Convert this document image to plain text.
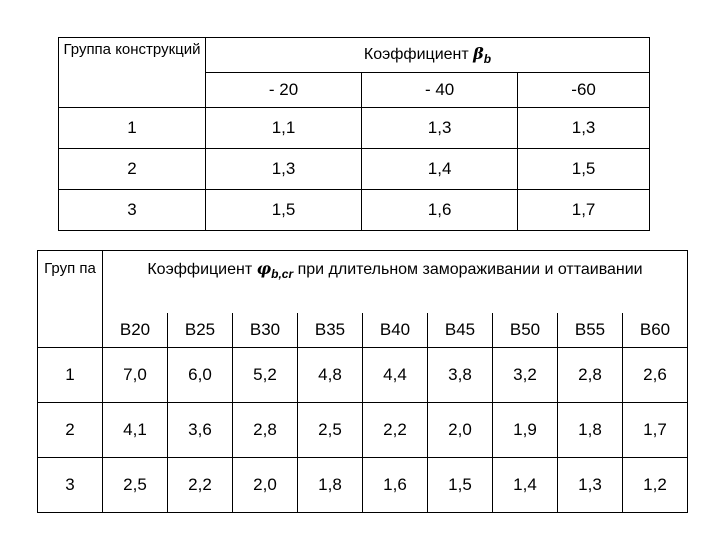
Группа конструкций	Коэффициент $\beta_b$
	- 20	- 40	-60
1	1,1	1,3	1,3
2	1,3	1,4	1,5
3	1,5	1,6	1,7
Груп па	Коэффициент $\varphi_{b,cr}$ при длительном замораживании и оттаивании								
	B20	B25	B30	B35	B40	B45	B50	B55	B60
1	7,0	6,0	5,2	4,8	4,4	3,8	3,2	2,8	2,6
2	4,1	3,6	2,8	2,5	2,2	2,0	1,9	1,8	1,7
3	2,5	2,2	2,0	1,8	1,6	1,5	1,4	1,3	1,2
